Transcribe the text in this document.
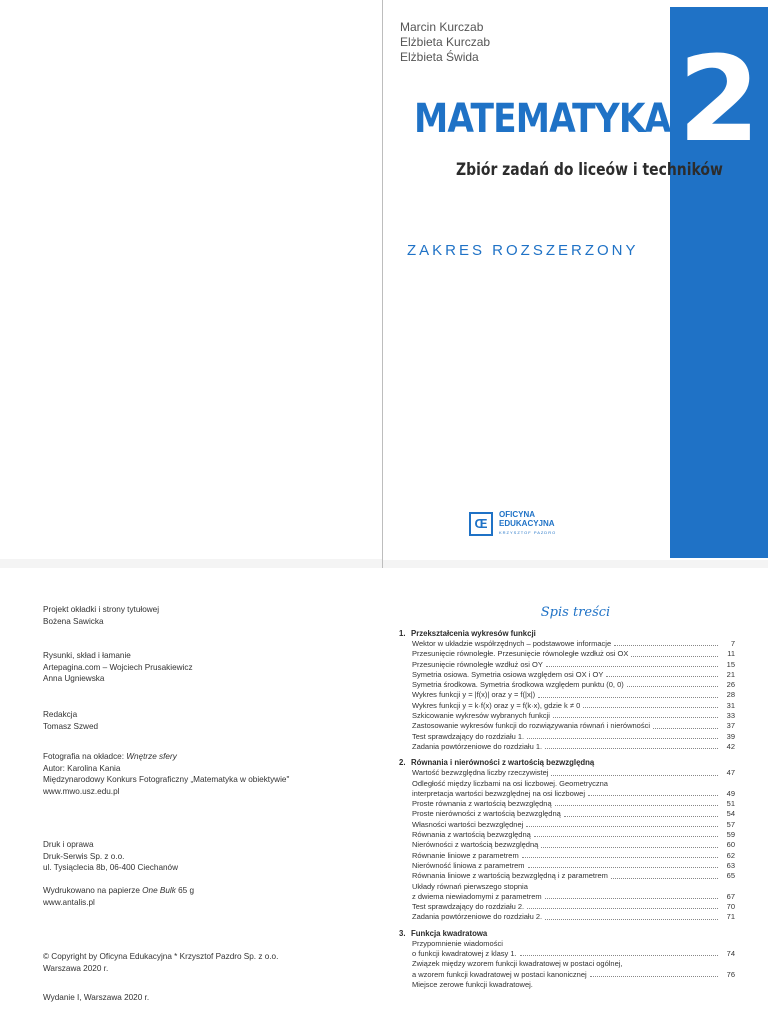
Marcin Kurczab
Elżbieta Kurczab
Elżbieta Świda 2
MATEMATYKA
Zbiór zadań do liceów i techników
ZAKRES ROZSZERZONY
Œ
OFICYNA
EDUKACYJNA
KRZYSZTOF PAZDRO
Projekt okładki i strony tytułowej
Bożena Sawicka
Rysunki, skład i łamanie
Artepagina.com – Wojciech Prusakiewicz
Anna Ugniewska
Redakcja
Tomasz Szwed
Fotografia na okładce: Wnętrze sfery
Autor: Karolina Kania
Międzynarodowy Konkurs Fotograficzny „Matematyka w obiektywie"
www.mwo.usz.edu.pl
Druk i oprawa
Druk-Serwis Sp. z o.o.
ul. Tysiąclecia 8b, 06-400 Ciechanów
Wydrukowano na papierze One Bulk 65 g
www.antalis.pl
© Copyright by Oficyna Edukacyjna * Krzysztof Pazdro Sp. z o.o.
Warszawa 2020 r.
Wydanie I, Warszawa 2020 r.
Spis treści
1. Przekształcenia wykresów funkcji
Wektor w układzie współrzędnych – podstawowe informacje	7
Przesunięcie równoległe. Przesunięcie równoległe wzdłuż osi OX	11
Przesunięcie równoległe wzdłuż osi OY	15
Symetria osiowa. Symetria osiowa względem osi OX i OY	21
Symetria środkowa. Symetria środkowa względem punktu (0, 0)	26
Wykres funkcji y = |f(x)| oraz y = f(|x|)	28
Wykres funkcji y = k·f(x) oraz y = f(k·x), gdzie k ≠ 0	31
Szkicowanie wykresów wybranych funkcji	33
Zastosowanie wykresów funkcji do rozwiązywania równań i nierówności	37
Test sprawdzający do rozdziału 1.	39
Zadania powtórzeniowe do rozdziału 1.	42
2. Równania i nierówności z wartością bezwzględną
Wartość bezwzględna liczby rzeczywistej	47
Odległość między liczbami na osi liczbowej. Geometryczna
interpretacja wartości bezwzględnej na osi liczbowej	49
Proste równania z wartością bezwzględną	51
Proste nierówności z wartością bezwzględną	54
Własności wartości bezwzględnej	57
Równania z wartością bezwzględną	59
Nierówności z wartością bezwzględną	60
Równanie liniowe z parametrem	62
Nierówność liniowa z parametrem	63
Równania liniowe z wartością bezwzględną i z parametrem	65
Układy równań pierwszego stopnia
z dwiema niewiadomymi z parametrem	67
Test sprawdzający do rozdziału 2.	70
Zadania powtórzeniowe do rozdziału 2.	71
3. Funkcja kwadratowa
Przypomnienie wiadomości
o funkcji kwadratowej z klasy 1.	74
Związek między wzorem funkcji kwadratowej w postaci ogólnej,
a wzorem funkcji kwadratowej w postaci kanonicznej	76
Miejsce zerowe funkcji kwadratowej.
